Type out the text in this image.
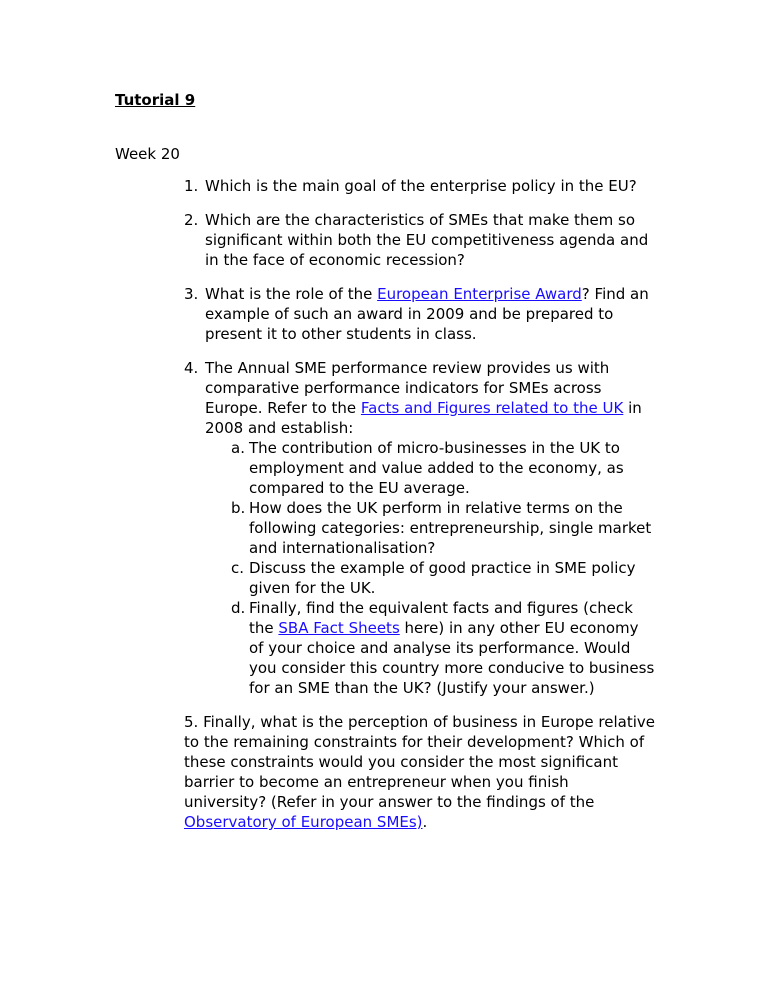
Tutorial 9

Week 20

1. Which is the main goal of the enterprise policy in the EU?
2. Which are the characteristics of SMEs that make them so significant within both the EU competitiveness agenda and in the face of economic recession?
3. What is the role of the European Enterprise Award? Find an example of such an award in 2009 and be prepared to present it to other students in class.
4. The Annual SME performance review provides us with comparative performance indicators for SMEs across Europe. Refer to the Facts and Figures related to the UK in 2008 and establish:
a. The contribution of micro-businesses in the UK to employment and value added to the economy, as compared to the EU average.
b. How does the UK perform in relative terms on the following categories: entrepreneurship, single market and internationalisation?
c. Discuss the example of good practice in SME policy given for the UK.
d. Finally, find the equivalent facts and figures (check the SBA Fact Sheets here) in any other EU economy of your choice and analyse its performance. Would you consider this country more conducive to business for an SME than the UK? (Justify your answer.)

5. Finally, what is the perception of business in Europe relative to the remaining constraints for their development? Which of these constraints would you consider the most significant barrier to become an entrepreneur when you finish university? (Refer in your answer to the findings of the Observatory of European SMEs).
